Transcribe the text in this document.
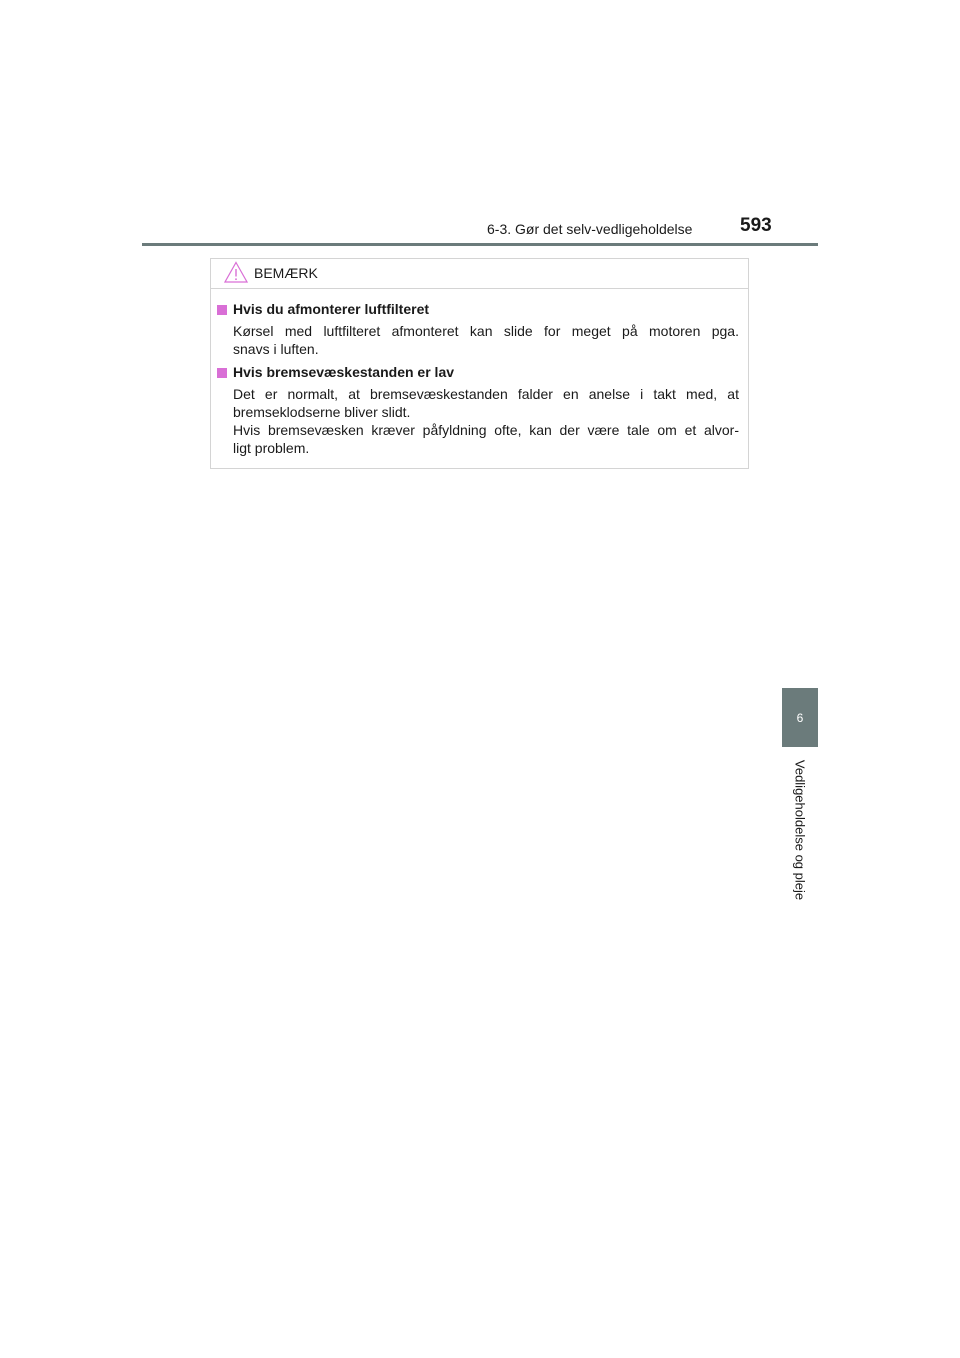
6-3. Gør det selv-vedligeholdelse	593
6
Vedligeholdelse og pleje
BEMÆRK
Hvis du afmonterer luftfilteret
Kørsel med luftfilteret afmonteret kan slide for meget på motoren pga.
snavs i luften.
Hvis bremsevæskestanden er lav
Det er normalt, at bremsevæskestanden falder en anelse i takt med, at
bremseklodserne bliver slidt.
Hvis bremsevæsken kræver påfyldning ofte, kan der være tale om et alvor-
ligt problem.
